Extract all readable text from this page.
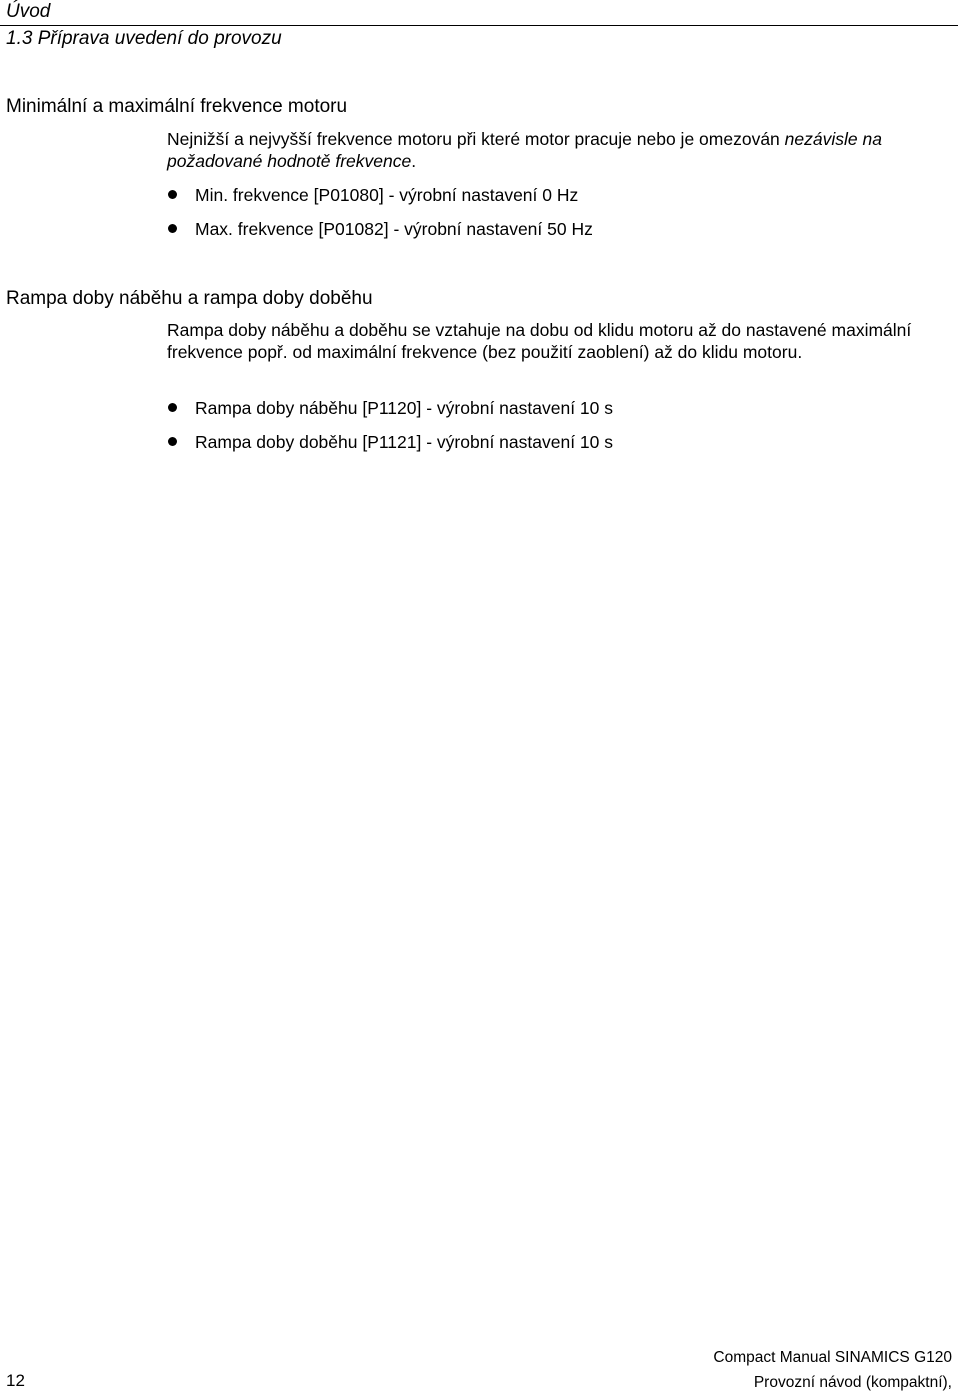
Úvod
1.3 Příprava uvedení do provozu
Minimální a maximální frekvence motoru

Nejnižší a nejvyšší frekvence motoru při které motor pracuje nebo je omezován nezávisle na požadované hodnotě frekvence.

Min. frekvence [P01080] - výrobní nastavení 0 Hz
Max. frekvence [P01082] - výrobní nastavení 50 Hz
Rampa doby náběhu a rampa doby doběhu

Rampa doby náběhu a doběhu se vztahuje na dobu od klidu motoru až do nastavené maximální frekvence popř. od maximální frekvence (bez použití zaoblení) až do klidu motoru.

Rampa doby náběhu [P1120] - výrobní nastavení 10 s
Rampa doby doběhu [P1121] - výrobní nastavení 10 s
Compact Manual SINAMICS G120
Provozní návod (kompaktní),
12
